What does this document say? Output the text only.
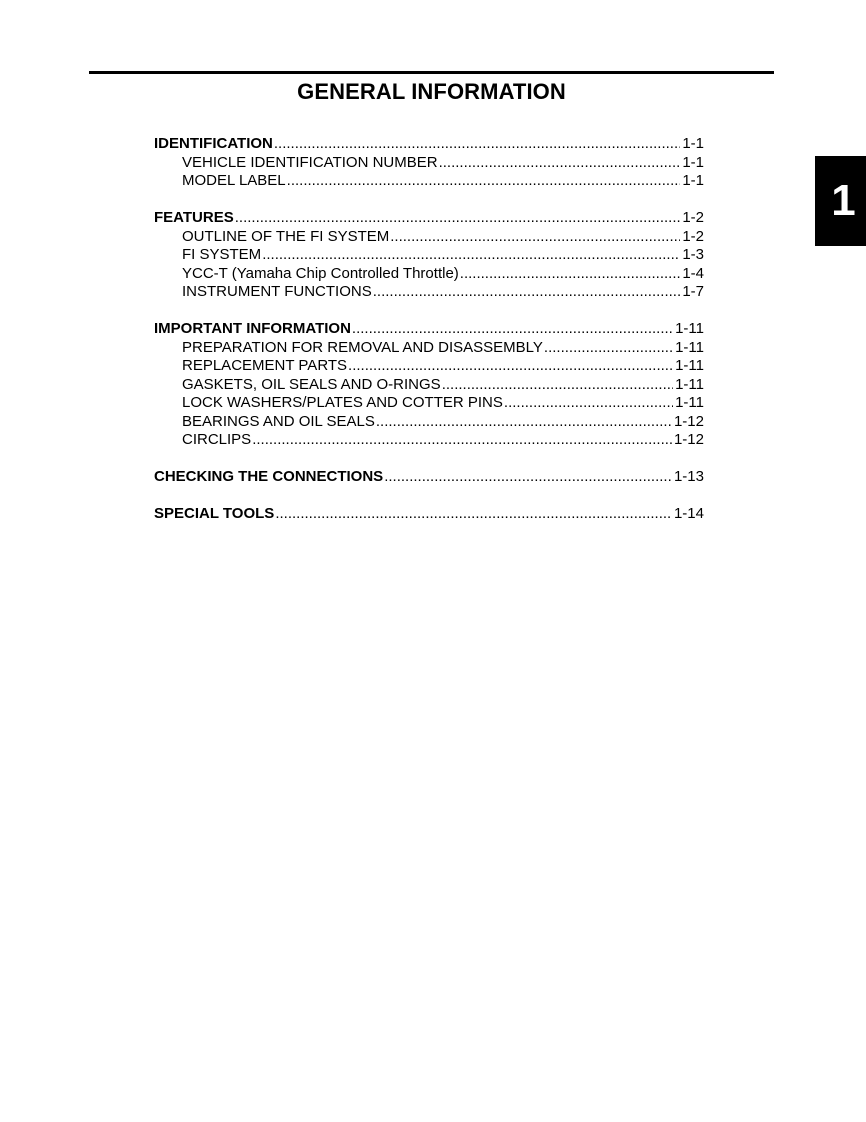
GENERAL INFORMATION
1
IDENTIFICATION .....	1-1
VEHICLE IDENTIFICATION NUMBER .....	1-1
MODEL LABEL .....	1-1
FEATURES .....	1-2
OUTLINE OF THE FI SYSTEM .....	1-2
FI SYSTEM .....	1-3
YCC-T (Yamaha Chip Controlled Throttle) .....	1-4
INSTRUMENT FUNCTIONS .....	1-7
IMPORTANT INFORMATION .....	1-11
PREPARATION FOR REMOVAL AND DISASSEMBLY .....	1-11
REPLACEMENT PARTS .....	1-11
GASKETS, OIL SEALS AND O-RINGS .....	1-11
LOCK WASHERS/PLATES AND COTTER PINS .....	1-11
BEARINGS AND OIL SEALS .....	1-12
CIRCLIPS .....	1-12
CHECKING THE CONNECTIONS .....	1-13
SPECIAL TOOLS .....	1-14
